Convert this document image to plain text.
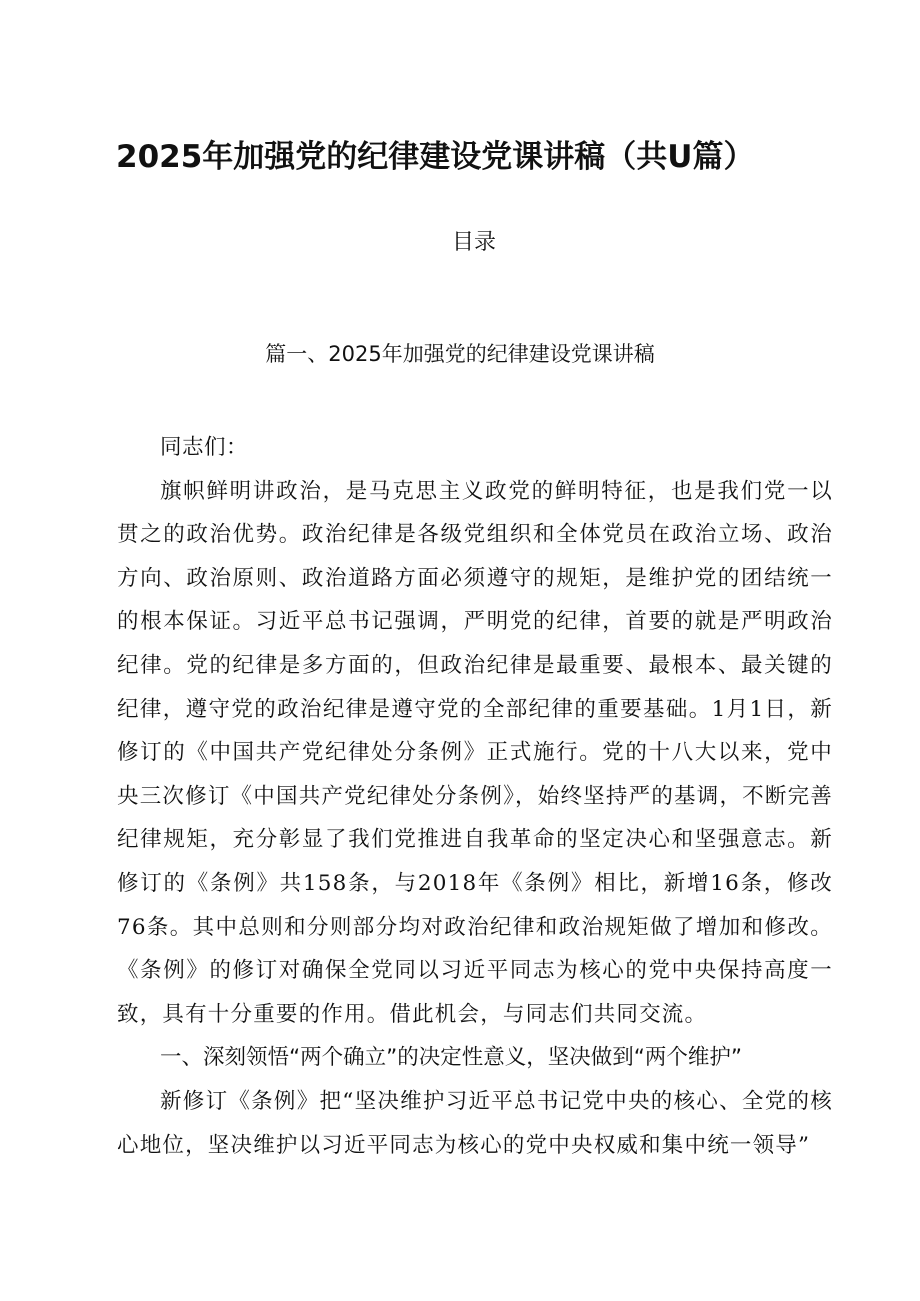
2025年加强党的纪律建设党课讲稿（共U篇）
目录
篇一、2025年加强党的纪律建设党课讲稿

同志们：

旗帜鲜明讲政治，是马克思主义政党的鲜明特征，也是我们党一以贯之的政治优势。政治纪律是各级党组织和全体党员在政治立场、政治方向、政治原则、政治道路方面必须遵守的规矩，是维护党的团结统一的根本保证。习近平总书记强调，严明党的纪律，首要的就是严明政治纪律。党的纪律是多方面的，但政治纪律是最重要、最根本、最关键的纪律，遵守党的政治纪律是遵守党的全部纪律的重要基础。1月1日，新修订的《中国共产党纪律处分条例》正式施行。党的十八大以来，党中央三次修订《中国共产党纪律处分条例》，始终坚持严的基调，不断完善纪律规矩，充分彰显了我们党推进自我革命的坚定决心和坚强意志。新修订的《条例》共158条，与2018年《条例》相比，新增16条，修改76条。其中总则和分则部分均对政治纪律和政治规矩做了增加和修改。《条例》的修订对确保全党同以习近平同志为核心的党中央保持高度一致，具有十分重要的作用。借此机会，与同志们共同交流。

一、深刻领悟“两个确立”的决定性意义，坚决做到“两个维护”

新修订《条例》把“坚决维护习近平总书记党中央的核心、全党的核心地位，坚决维护以习近平同志为核心的党中央权威和集中统一领导”
